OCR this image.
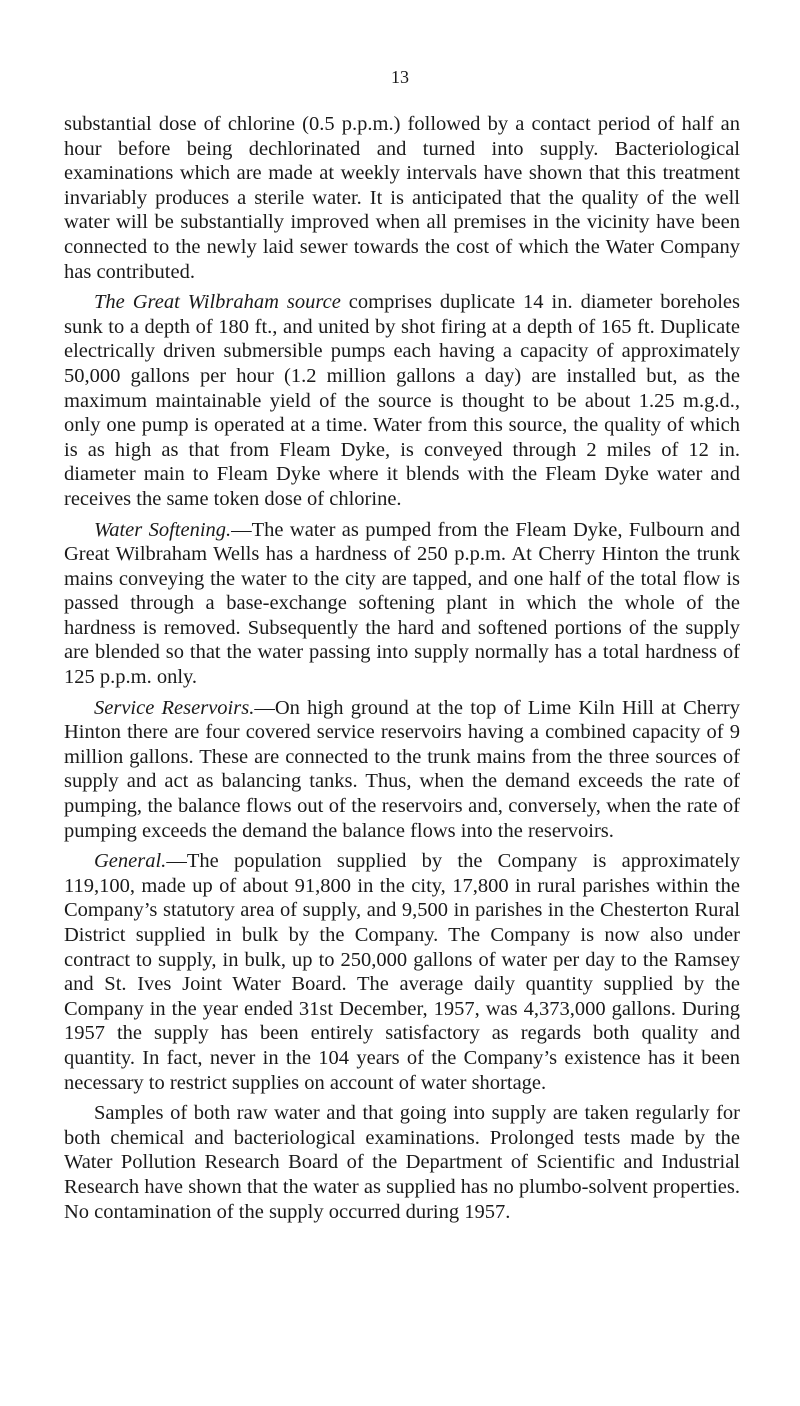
13

substantial dose of chlorine (0.5 p.p.m.) followed by a contact period of half an hour before being dechlorinated and turned into supply. Bacteriological examinations which are made at weekly intervals have shown that this treatment invariably produces a sterile water. It is anticipated that the quality of the well water will be substantially improved when all premises in the vicinity have been connected to the newly laid sewer towards the cost of which the Water Company has contributed.

The Great Wilbraham source comprises duplicate 14 in. diameter boreholes sunk to a depth of 180 ft., and united by shot firing at a depth of 165 ft. Duplicate electrically driven submersible pumps each having a capacity of approximately 50,000 gallons per hour (1.2 million gallons a day) are installed but, as the maximum maintainable yield of the source is thought to be about 1.25 m.g.d., only one pump is operated at a time. Water from this source, the quality of which is as high as that from Fleam Dyke, is conveyed through 2 miles of 12 in. diameter main to Fleam Dyke where it blends with the Fleam Dyke water and receives the same token dose of chlorine.

Water Softening.—The water as pumped from the Fleam Dyke, Fulbourn and Great Wilbraham Wells has a hardness of 250 p.p.m. At Cherry Hinton the trunk mains conveying the water to the city are tapped, and one half of the total flow is passed through a base-exchange softening plant in which the whole of the hardness is removed. Subsequently the hard and softened portions of the supply are blended so that the water passing into supply normally has a total hardness of 125 p.p.m. only.

Service Reservoirs.—On high ground at the top of Lime Kiln Hill at Cherry Hinton there are four covered service reservoirs having a combined capacity of 9 million gallons. These are connected to the trunk mains from the three sources of supply and act as balancing tanks. Thus, when the demand exceeds the rate of pumping, the balance flows out of the reservoirs and, conversely, when the rate of pumping exceeds the demand the balance flows into the reservoirs.

General.—The population supplied by the Company is approximately 119,100, made up of about 91,800 in the city, 17,800 in rural parishes within the Company’s statutory area of supply, and 9,500 in parishes in the Chesterton Rural District supplied in bulk by the Company. The Company is now also under contract to supply, in bulk, up to 250,000 gallons of water per day to the Ramsey and St. Ives Joint Water Board. The average daily quantity supplied by the Company in the year ended 31st December, 1957, was 4,373,000 gallons. During 1957 the supply has been entirely satisfactory as regards both quality and quantity. In fact, never in the 104 years of the Company’s existence has it been necessary to restrict supplies on account of water shortage.

Samples of both raw water and that going into supply are taken regularly for both chemical and bacteriological examinations. Prolonged tests made by the Water Pollution Research Board of the Department of Scientific and Industrial Research have shown that the water as supplied has no plumbo-solvent properties. No contamination of the supply occurred during 1957.
